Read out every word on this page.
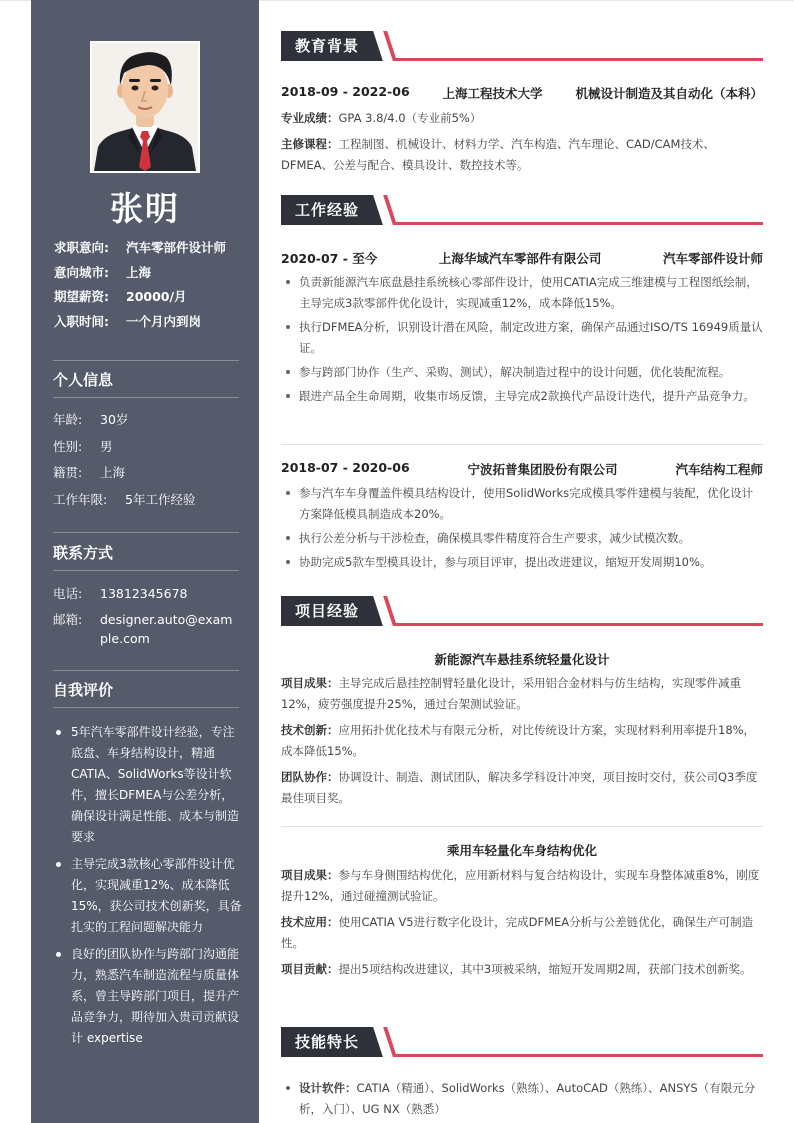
张明
求职意向:	汽车零部件设计师
意向城市:	上海
期望薪资:	20000/月
入职时间:	一个月内到岗
个人信息
年龄:	30岁
性别:	男
籍贯:	上海
工作年限:	5年工作经验
联系方式
电话:	13812345678
邮箱:	designer.auto@example.com
自我评价
5年汽车零部件设计经验，专注底盘、车身结构设计，精通CATIA、SolidWorks等设计软件，擅长DFMEA与公差分析，确保设计满足性能、成本与制造要求
主导完成3款核心零部件设计优化，实现减重12%、成本降低15%，获公司技术创新奖，具备扎实的工程问题解决能力
良好的团队协作与跨部门沟通能力，熟悉汽车制造流程与质量体系，曾主导跨部门项目，提升产品竞争力，期待加入贵司贡献设计 expertise
教育背景
2018-09 - 2022-06	上海工程技术大学	机械设计制造及其自动化（本科）
专业成绩：GPA 3.8/4.0（专业前5%）
主修课程：工程制图、机械设计、材料力学、汽车构造、汽车理论、CAD/CAM技术、DFMEA、公差与配合、模具设计、数控技术等。
工作经验
2020-07 - 至今	上海华域汽车零部件有限公司	汽车零部件设计师
负责新能源汽车底盘悬挂系统核心零部件设计，使用CATIA完成三维建模与工程图纸绘制，主导完成3款零部件优化设计，实现减重12%，成本降低15%。
执行DFMEA分析，识别设计潜在风险，制定改进方案，确保产品通过ISO/TS 16949质量认证。
参与跨部门协作（生产、采购、测试），解决制造过程中的设计问题，优化装配流程。
跟进产品全生命周期，收集市场反馈，主导完成2款换代产品设计迭代，提升产品竞争力。
2018-07 - 2020-06	宁波拓普集团股份有限公司	汽车结构工程师
参与汽车车身覆盖件模具结构设计，使用SolidWorks完成模具零件建模与装配，优化设计方案降低模具制造成本20%。
执行公差分析与干涉检查，确保模具零件精度符合生产要求，减少试模次数。
协助完成5款车型模具设计，参与项目评审，提出改进建议，缩短开发周期10%。
项目经验
新能源汽车悬挂系统轻量化设计
项目成果：主导完成后悬挂控制臂轻量化设计，采用铝合金材料与仿生结构，实现零件减重12%，疲劳强度提升25%，通过台架测试验证。
技术创新：应用拓扑优化技术与有限元分析，对比传统设计方案，实现材料利用率提升18%，成本降低15%。
团队协作：协调设计、制造、测试团队，解决多学科设计冲突，项目按时交付，获公司Q3季度最佳项目奖。
乘用车轻量化车身结构优化
项目成果：参与车身侧围结构优化，应用新材料与复合结构设计，实现车身整体减重8%，刚度提升12%，通过碰撞测试验证。
技术应用：使用CATIA V5进行数字化设计，完成DFMEA分析与公差链优化，确保生产可制造性。
项目贡献：提出5项结构改进建议，其中3项被采纳，缩短开发周期2周，获部门技术创新奖。
技能特长
设计软件：CATIA（精通）、SolidWorks（熟练）、AutoCAD（熟练）、ANSYS（有限元分析，入门）、UG NX（熟悉）
